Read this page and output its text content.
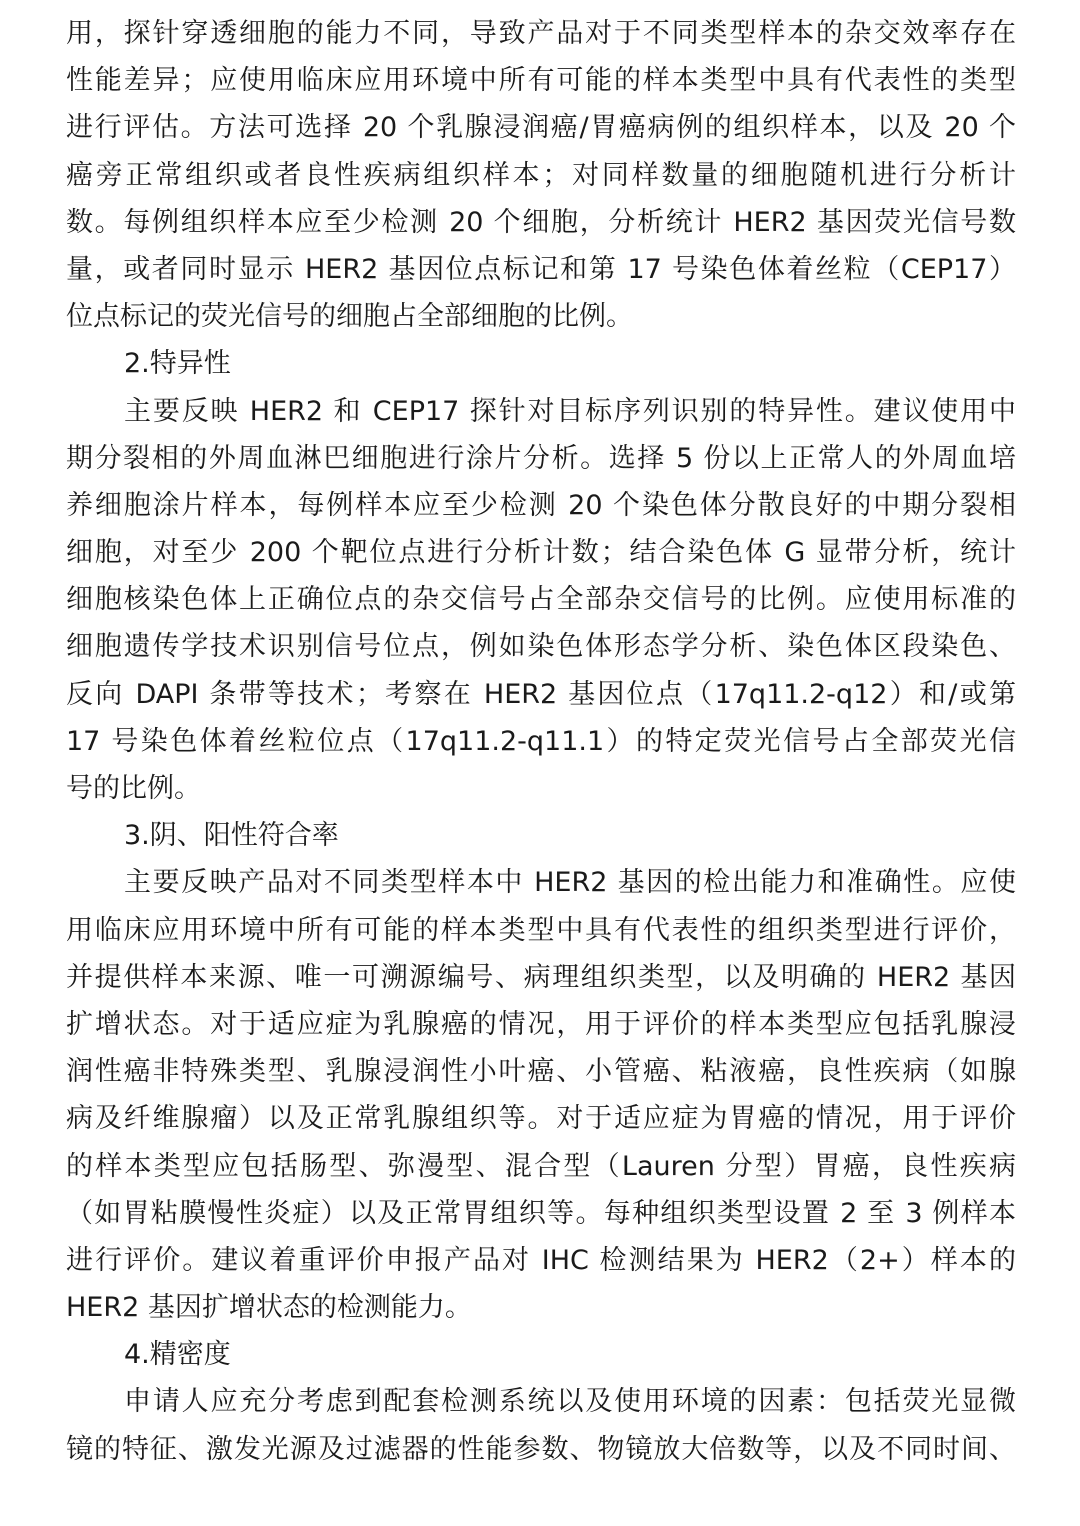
用，探针穿透细胞的能力不同，导致产品对于不同类型样本的杂交效率存在
性能差异；应使用临床应用环境中所有可能的样本类型中具有代表性的类型
进行评估。方法可选择 20 个乳腺浸润癌/胃癌病例的组织样本，以及 20 个
癌旁正常组织或者良性疾病组织样本；对同样数量的细胞随机进行分析计
数。每例组织样本应至少检测 20 个细胞，分析统计 HER2 基因荧光信号数
量，或者同时显示 HER2 基因位点标记和第 17 号染色体着丝粒（CEP17）
位点标记的荧光信号的细胞占全部细胞的比例。
2.特异性
主要反映 HER2 和 CEP17 探针对目标序列识别的特异性。建议使用中
期分裂相的外周血淋巴细胞进行涂片分析。选择 5 份以上正常人的外周血培
养细胞涂片样本，每例样本应至少检测 20 个染色体分散良好的中期分裂相
细胞，对至少 200 个靶位点进行分析计数；结合染色体 G 显带分析，统计
细胞核染色体上正确位点的杂交信号占全部杂交信号的比例。应使用标准的
细胞遗传学技术识别信号位点，例如染色体形态学分析、染色体区段染色、
反向 DAPI 条带等技术；考察在 HER2 基因位点（17q11.2-q12）和/或第
17 号染色体着丝粒位点（17q11.2-q11.1）的特定荧光信号占全部荧光信
号的比例。
3.阴、阳性符合率
主要反映产品对不同类型样本中 HER2 基因的检出能力和准确性。应使
用临床应用环境中所有可能的样本类型中具有代表性的组织类型进行评价，
并提供样本来源、唯一可溯源编号、病理组织类型，以及明确的 HER2 基因
扩增状态。对于适应症为乳腺癌的情况，用于评价的样本类型应包括乳腺浸
润性癌非特殊类型、乳腺浸润性小叶癌、小管癌、粘液癌，良性疾病（如腺
病及纤维腺瘤）以及正常乳腺组织等。对于适应症为胃癌的情况，用于评价
的样本类型应包括肠型、弥漫型、混合型（Lauren 分型）胃癌，良性疾病
（如胃粘膜慢性炎症）以及正常胃组织等。每种组织类型设置 2 至 3 例样本
进行评价。建议着重评价申报产品对 IHC 检测结果为 HER2（2+）样本的
HER2 基因扩增状态的检测能力。
4.精密度
申请人应充分考虑到配套检测系统以及使用环境的因素：包括荧光显微
镜的特征、激发光源及过滤器的性能参数、物镜放大倍数等，以及不同时间、
